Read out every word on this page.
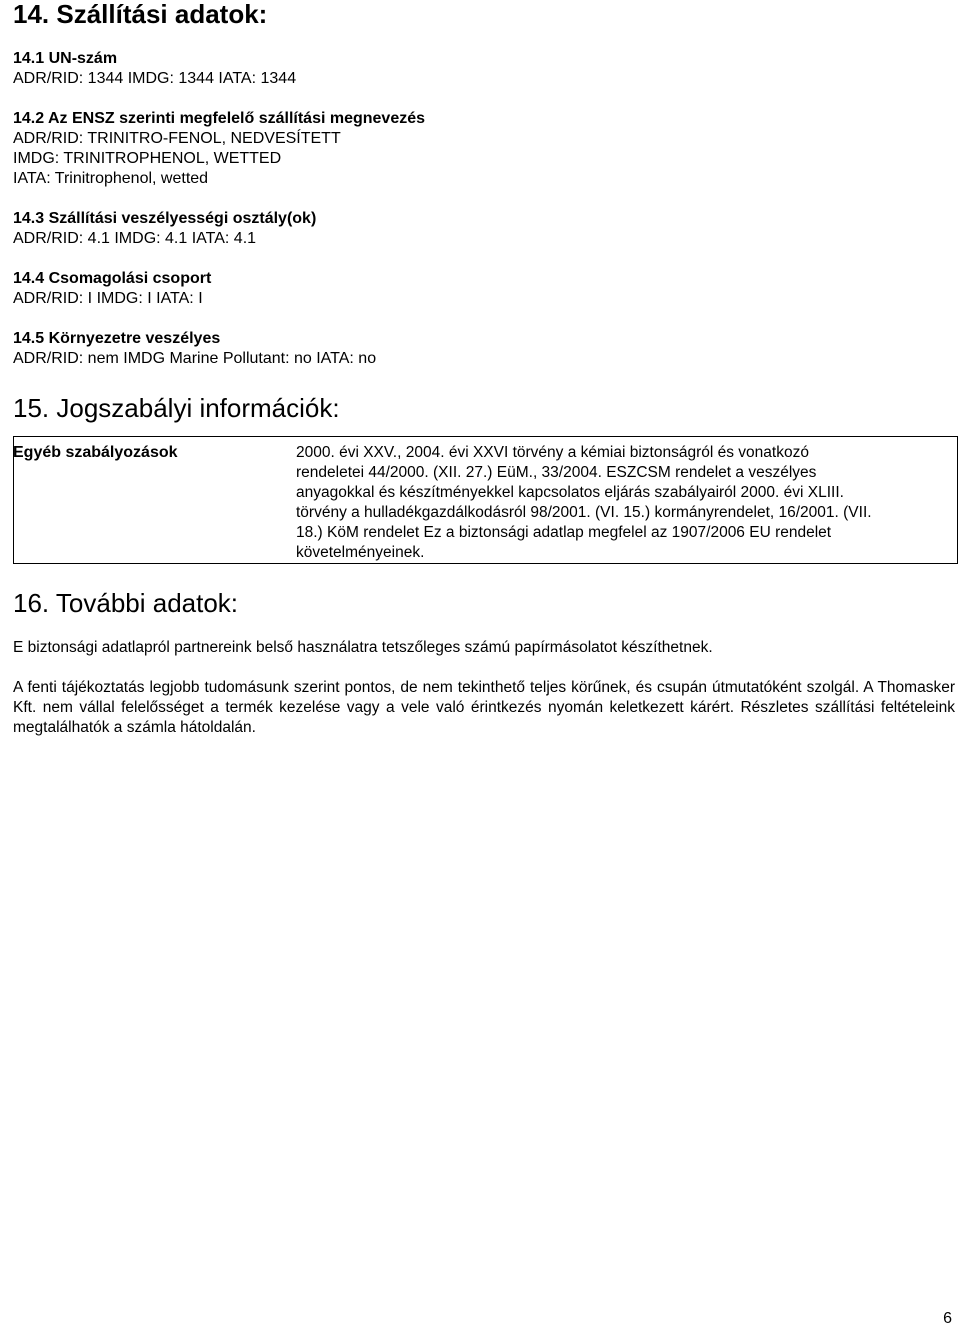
14. Szállítási adatok:
14.1 UN-szám
ADR/RID: 1344 IMDG: 1344 IATA: 1344
14.2 Az ENSZ szerinti megfelelő szállítási megnevezés
ADR/RID: TRINITRO-FENOL, NEDVESÍTETT
IMDG: TRINITROPHENOL, WETTED
IATA: Trinitrophenol, wetted
14.3 Szállítási veszélyességi osztály(ok)
ADR/RID: 4.1 IMDG: 4.1 IATA: 4.1
14.4 Csomagolási csoport
ADR/RID: I IMDG: I IATA: I
14.5 Környezetre veszélyes
ADR/RID: nem IMDG Marine Pollutant: no IATA: no
15. Jogszabályi információk:
Egyéb szabályozások	2000. évi XXV., 2004. évi XXVI törvény a kémiai biztonságról és vonatkozó
rendeletei 44/2000. (XII. 27.) EüM., 33/2004. ESZCSM rendelet a veszélyes
anyagokkal és készítményekkel kapcsolatos eljárás szabályairól 2000. évi XLIII.
törvény a hulladékgazdálkodásról 98/2001. (VI. 15.) kormányrendelet, 16/2001. (VII.
18.) KöM rendelet Ez a biztonsági adatlap megfelel az 1907/2006 EU rendelet
követelményeinek.
16. További adatok:

E biztonsági adatlapról partnereink belső használatra tetszőleges számú papírmásolatot készíthetnek.

A fenti tájékoztatás legjobb tudomásunk szerint pontos, de nem tekinthető teljes körűnek, és csupán útmutatóként szolgál. A Thomasker Kft. nem vállal felelősséget a termék kezelése vagy a vele való érintkezés nyomán keletkezett kárért. Részletes szállítási feltételeink megtalálhatók a számla hátoldalán.

6
